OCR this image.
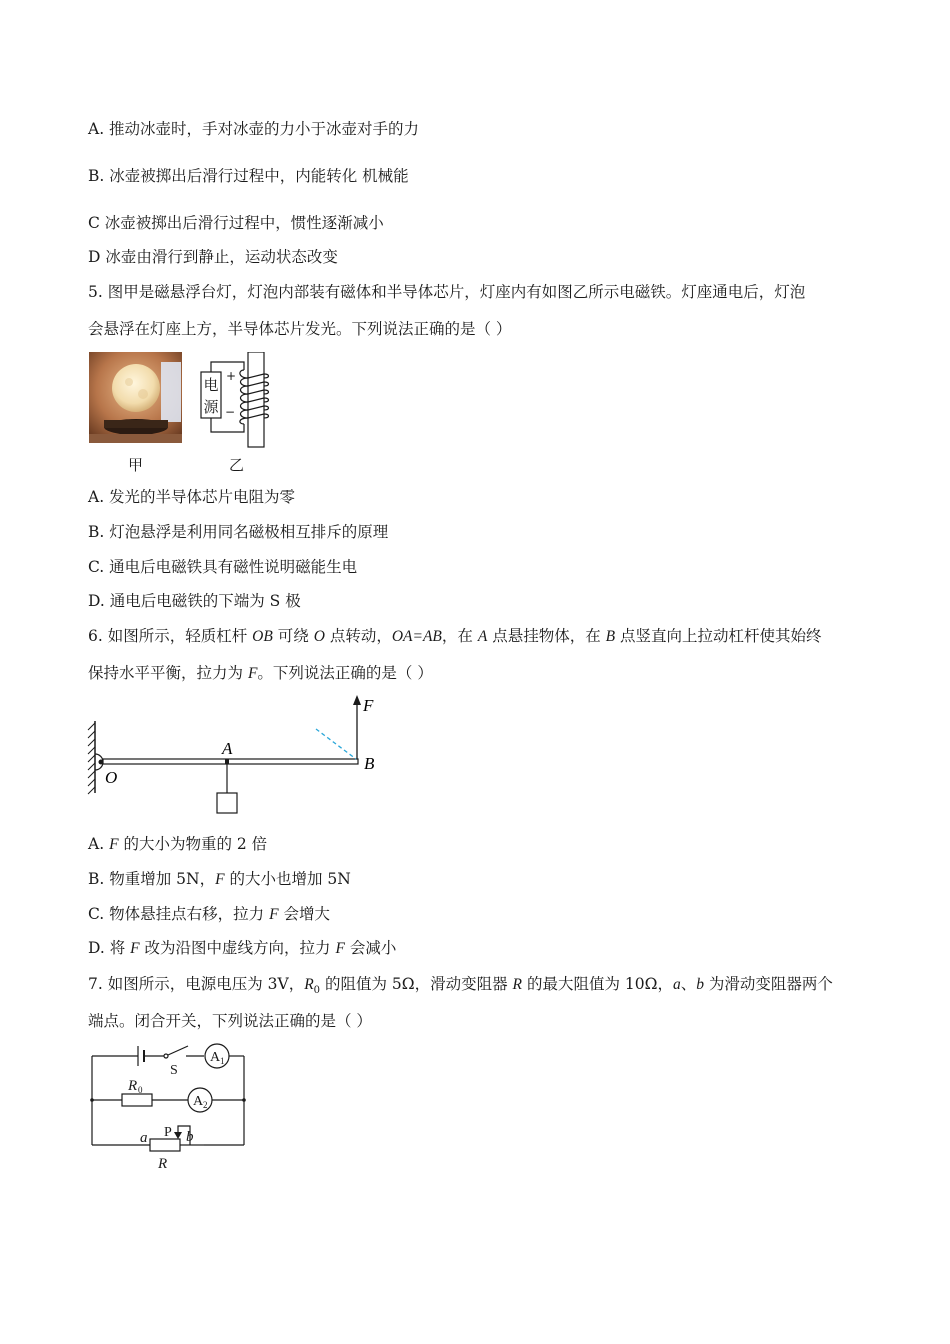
A. 推动冰壶时，手对冰壶的力小于冰壶对手的力
B. 冰壶被掷出后滑行过程中，内能转化 机械能
C 冰壶被掷出后滑行过程中，惯性逐渐减小
D 冰壶由滑行到静止，运动状态改变
5. 图甲是磁悬浮台灯，灯泡内部装有磁体和半导体芯片，灯座内有如图乙所示电磁铁。灯座通电后，灯泡
会悬浮在灯座上方，半导体芯片发光。下列说法正确的是（ ）
电
源
+
−
甲	乙
A. 发光的半导体芯片电阻为零
B. 灯泡悬浮是利用同名磁极相互排斥的原理
C. 通电后电磁铁具有磁性说明磁能生电
D. 通电后电磁铁的下端为 S 极
6. 如图所示，轻质杠杆 OB 可绕 O 点转动，OA=AB，在 A 点悬挂物体，在 B 点竖直向上拉动杠杆使其始终
保持水平平衡，拉力为 F。下列说法正确的是（ ）
F
A
B
O
A. F 的大小为物重的 2 倍
B. 物重增加 5N，F 的大小也增加 5N
C. 物体悬挂点右移，拉力 F 会增大
D. 将 F 改为沿图中虚线方向，拉力 F 会减小
7. 如图所示，电源电压为 3V，$R_0$ 的阻值为 5Ω，滑动变阻器 R 的最大阻值为 10Ω，a、b 为滑动变阻器两个
端点。闭合开关，下列说法正确的是（ ）
S
A 1
A 2
R 0
a P b
R
